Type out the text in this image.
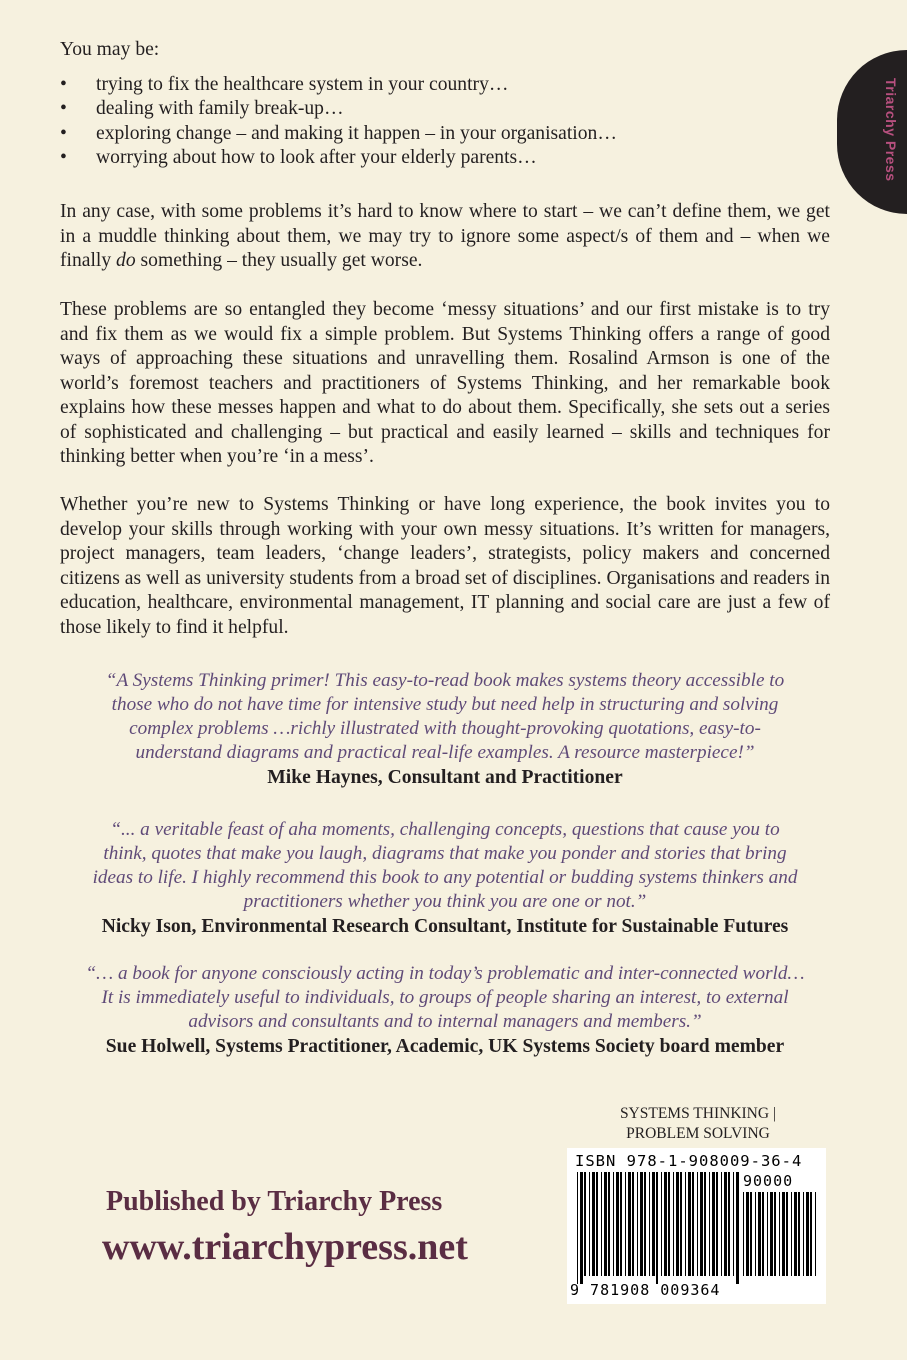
Triarchy Press

You may be:

• trying to fix the healthcare system in your country…
• dealing with family break-up…
• exploring change – and making it happen – in your organisation…
• worrying about how to look after your elderly parents…

In any case, with some problems it’s hard to know where to start – we can’t define them, we get in a muddle thinking about them, we may try to ignore some aspect/s of them and – when we finally do something – they usually get worse.

These problems are so entangled they become ‘messy situations’ and our first mistake is to try and fix them as we would fix a simple problem. But Systems Thinking offers a range of good ways of approaching these situations and unravelling them. Rosalind Armson is one of the world’s foremost teachers and practitioners of Systems Thinking, and her remarkable book explains how these messes happen and what to do about them. Specifically, she sets out a series of sophisticated and challenging – but practical and easily learned – skills and techniques for thinking better when you’re ‘in a mess’.

Whether you’re new to Systems Thinking or have long experience, the book invites you to develop your skills through working with your own messy situations. It’s written for managers, project managers, team leaders, ‘change leaders’, strategists, policy makers and concerned citizens as well as university students from a broad set of disciplines. Organisations and readers in education, healthcare, environmental management, IT planning and social care are just a few of those likely to find it helpful.

“A Systems Thinking primer! This easy-to-read book makes systems theory accessible to
those who do not have time for intensive study but need help in structuring and solving
complex problems …richly illustrated with thought-provoking quotations, easy-to-
understand diagrams and practical real-life examples. A resource masterpiece!”

Mike Haynes, Consultant and Practitioner

“... a veritable feast of aha moments, challenging concepts, questions that cause you to
think, quotes that make you laugh, diagrams that make you ponder and stories that bring
ideas to life. I highly recommend this book to any potential or budding systems thinkers and
practitioners whether you think you are one or not.”

Nicky Ison, Environmental Research Consultant, Institute for Sustainable Futures

“… a book for anyone consciously acting in today’s problematic and inter-connected world…
It is immediately useful to individuals, to groups of people sharing an interest, to external
advisors and consultants and to internal managers and members.”

Sue Holwell, Systems Practitioner, Academic, UK Systems Society board member

SYSTEMS THINKING |
PROBLEM SOLVING
ISBN 978-1-908009-36-4
90000
9 781908 009364

Published by Triarchy Press

www.triarchypress.net
